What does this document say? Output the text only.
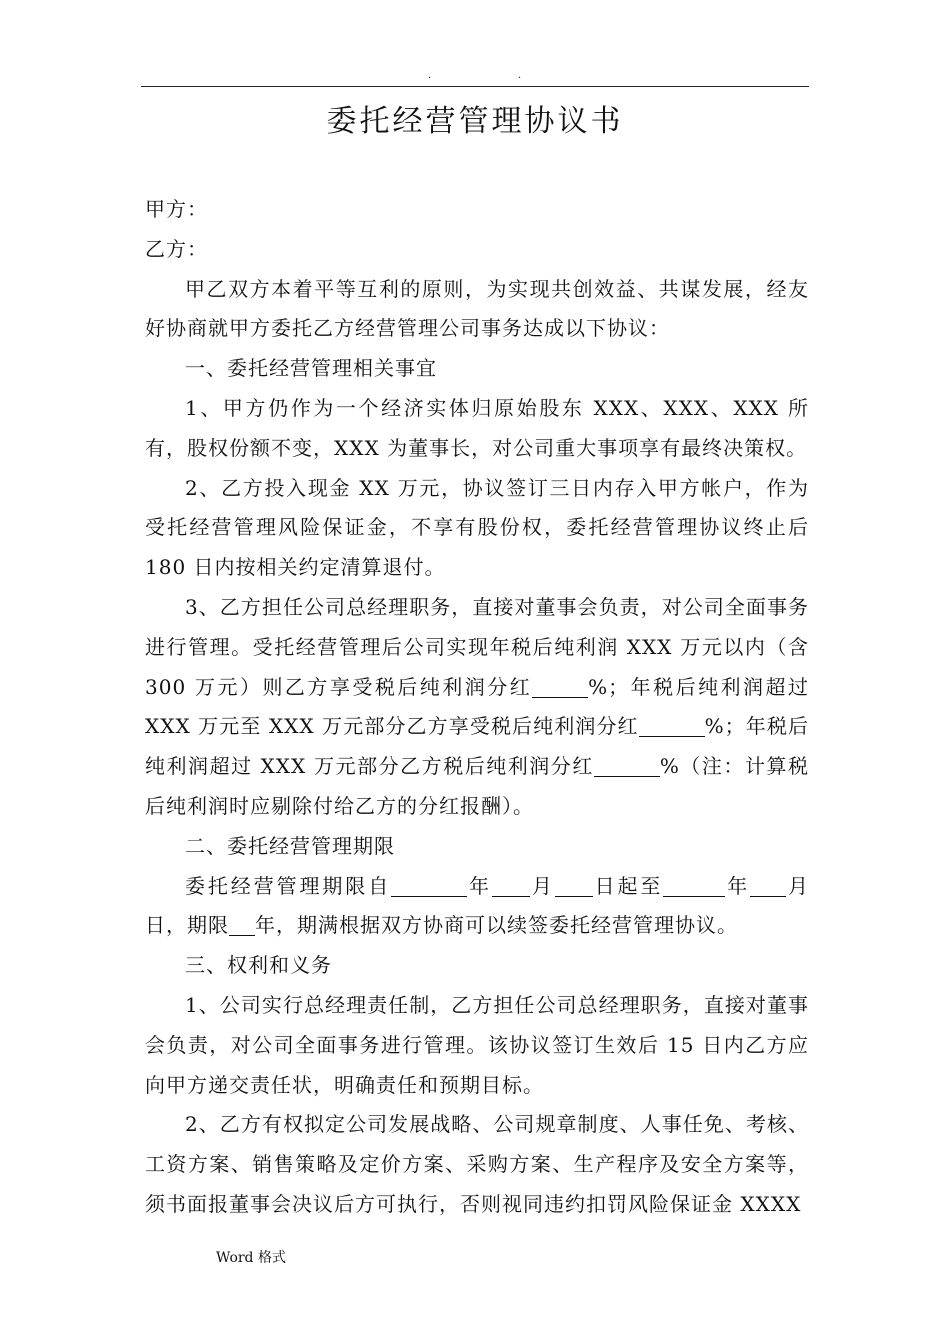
.	.
委托经营管理协议书

甲方：

乙方：

甲乙双方本着平等互利的原则，为实现共创效益、共谋发展，经友好协商就甲方委托乙方经营管理公司事务达成以下协议：

一、委托经营管理相关事宜

1、甲方仍作为一个经济实体归原始股东 XXX、XXX、XXX 所有，股权份额不变，XXX 为董事长，对公司重大事项享有最终决策权。

2、乙方投入现金 XX 万元，协议签订三日内存入甲方帐户，作为受托经营管理风险保证金，不享有股份权，委托经营管理协议终止后 180 日内按相关约定清算退付。

3、乙方担任公司总经理职务，直接对董事会负责，对公司全面事务进行管理。受托经营管理后公司实现年税后纯利润 XXX 万元以内（含 300 万元）则乙方享受税后纯利润分红	%；年税后纯利润超过 XXX 万元至 XXX 万元部分乙方享受税后纯利润分红	%；年税后纯利润超过 XXX 万元部分乙方税后纯利润分红	%（注：计算税后纯利润时应剔除付给乙方的分红报酬）。

二、委托经营管理期限

委托经营管理期限自	年 月 日起至	年 月日，期限 年，期满根据双方协商可以续签委托经营管理协议。

三、权利和义务

1、公司实行总经理责任制，乙方担任公司总经理职务，直接对董事会负责，对公司全面事务进行管理。该协议签订生效后 15 日内乙方应向甲方递交责任状，明确责任和预期目标。

2、乙方有权拟定公司发展战略、公司规章制度、人事任免、考核、工资方案、销售策略及定价方案、采购方案、生产程序及安全方案等，须书面报董事会决议后方可执行，否则视同违约扣罚风险保证金 XXXX

Word 格式
